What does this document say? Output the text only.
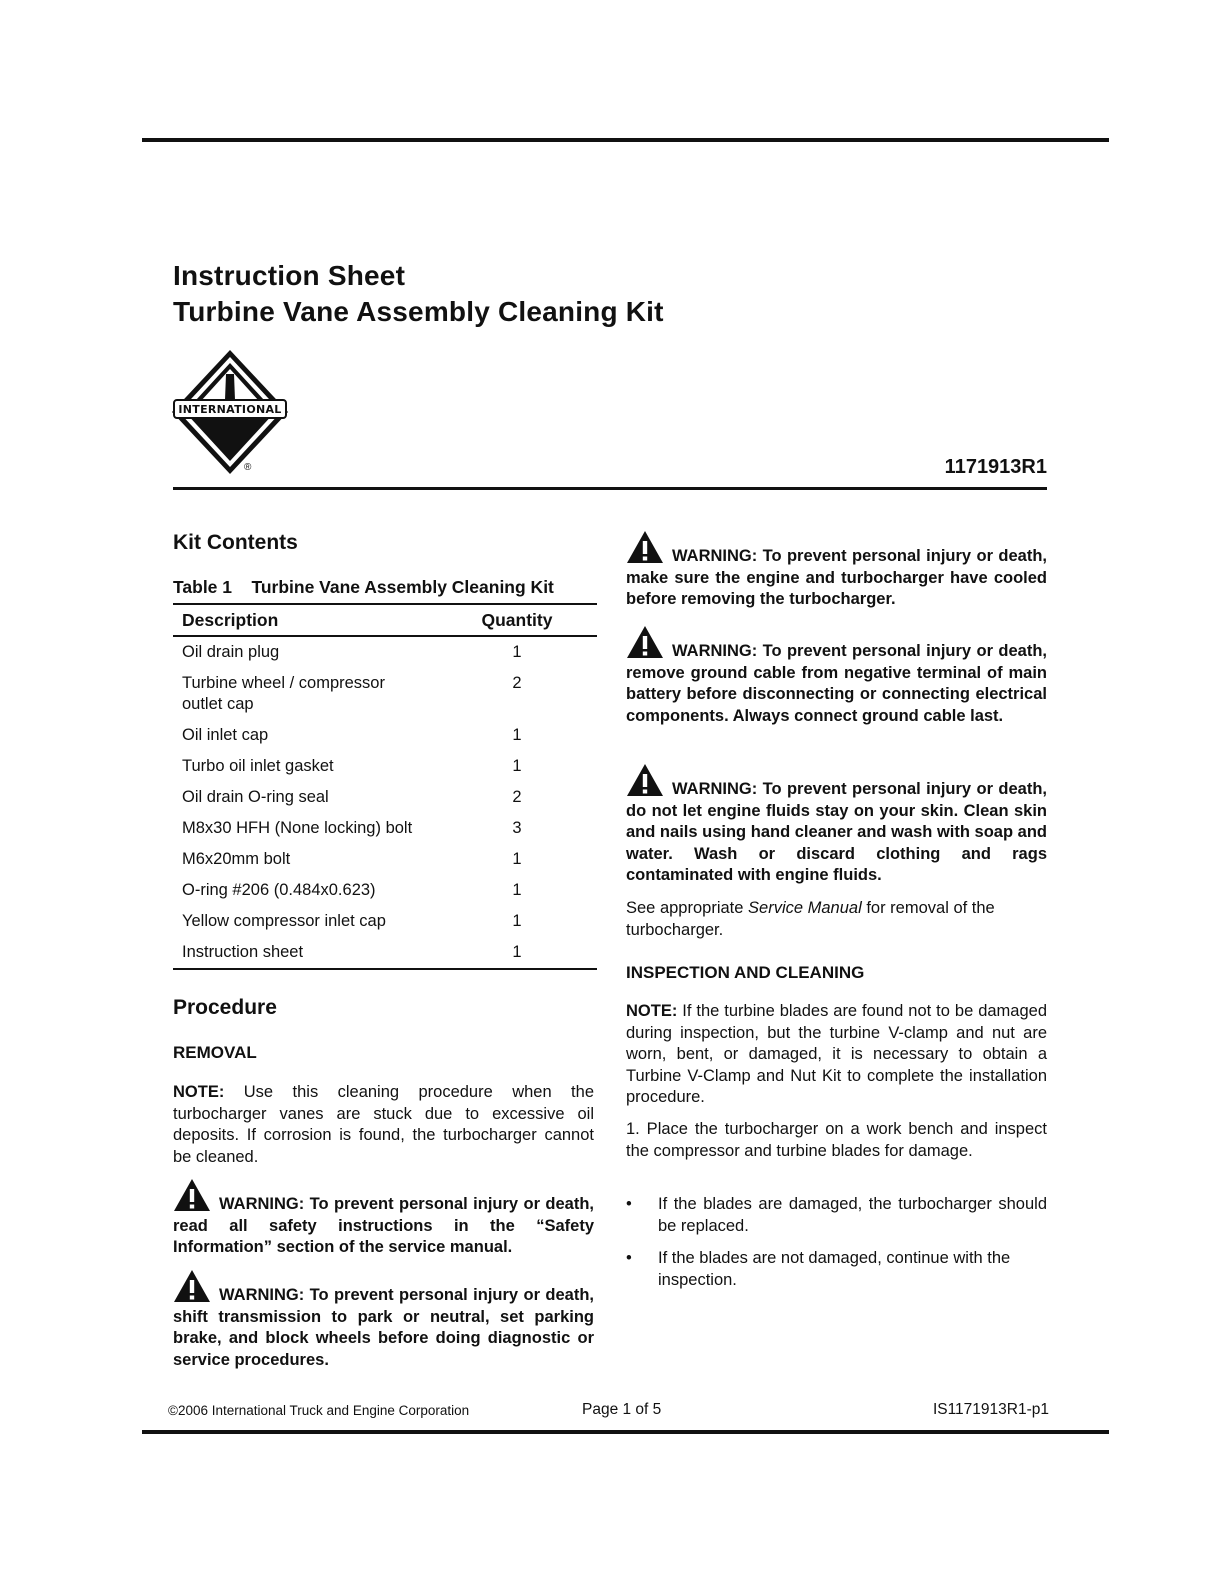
Instruction Sheet
Turbine Vane Assembly Cleaning Kit
INTERNATIONAL
®	1171913R1
Kit Contents
Table 1    Turbine Vane Assembly Cleaning Kit
Description	Quantity
Oil drain plug	1
Turbine wheel / compressor outlet cap	2
Oil inlet cap	1
Turbo oil inlet gasket	1
Oil drain O-ring seal	2
M8x30 HFH (None locking) bolt	3
M6x20mm bolt	1
O-ring #206 (0.484x0.623)	1
Yellow compressor inlet cap	1
Instruction sheet	1
Procedure
REMOVAL
NOTE: Use this cleaning procedure when the turbocharger vanes are stuck due to excessive oil deposits. If corrosion is found, the turbocharger cannot be cleaned.
WARNING: To prevent personal injury or death, read all safety instructions in the “Safety Information” section of the service manual.
WARNING: To prevent personal injury or death, shift transmission to park or neutral, set parking brake, and block wheels before doing diagnostic or service procedures.
WARNING: To prevent personal injury or death, make sure the engine and turbocharger have cooled before removing the turbocharger.
WARNING: To prevent personal injury or death, remove ground cable from negative terminal of main battery before disconnecting or connecting electrical components. Always connect ground cable last.
WARNING: To prevent personal injury or death, do not let engine fluids stay on your skin. Clean skin and nails using hand cleaner and wash with soap and water. Wash or discard clothing and rags contaminated with engine fluids.
See appropriate Service Manual for removal of the turbocharger.
INSPECTION AND CLEANING
NOTE: If the turbine blades are found not to be damaged during inspection, but the turbine V-clamp and nut are worn, bent, or damaged, it is necessary to obtain a Turbine V-Clamp and Nut Kit to complete the installation procedure.
1. Place the turbocharger on a work bench and inspect the compressor and turbine blades for damage.
• If the blades are damaged, the turbocharger should be replaced.
• If the blades are not damaged, continue with the inspection.
©2006 International Truck and Engine Corporation	Page 1 of 5	IS1171913R1-p1
